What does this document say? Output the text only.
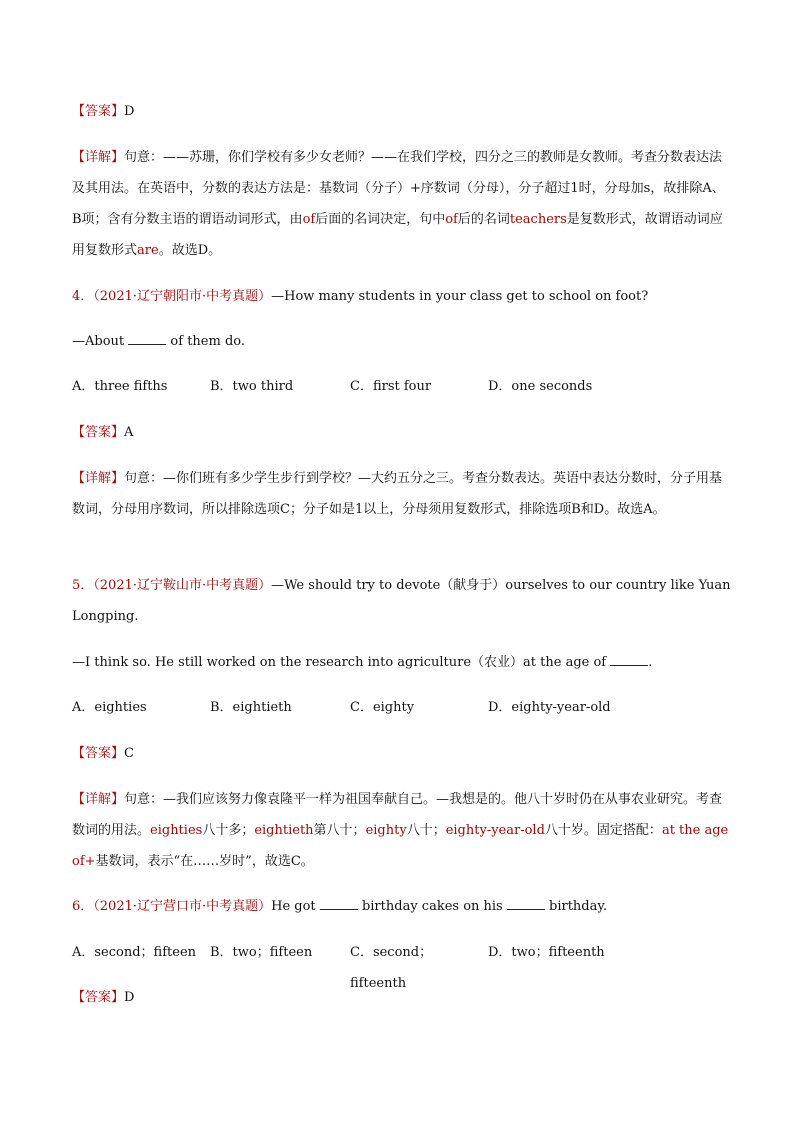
【答案】D
【详解】句意：——苏珊，你们学校有多少女老师？——在我们学校，四分之三的教师是女教师。考查分数表达法及其用法。在英语中，分数的表达方法是：基数词（分子）+序数词（分母），分子超过1时，分母加s，故排除A、B项；含有分数主语的谓语动词形式，由of后面的名词决定，句中of后的名词teachers是复数形式，故谓语动词应用复数形式are。故选D。
4．（2021·辽宁朝阳市·中考真题）—How many students in your class get to school on foot?
—About	of them do.
A．three fifths	B．two third	C．first four	D．one seconds
【答案】A
【详解】句意：—你们班有多少学生步行到学校？—大约五分之三。考查分数表达。英语中表达分数时，分子用基数词，分母用序数词，所以排除选项C；分子如是1以上，分母须用复数形式，排除选项B和D。故选A。
5．（2021·辽宁鞍山市·中考真题）—We should try to devote（献身于）ourselves to our country like Yuan Longping.
—I think so. He still worked on the research into agriculture（农业）at the age of	.
A．eighties	B．eightieth	C．eighty	D．eighty-year-old
【答案】C
【详解】句意：—我们应该努力像袁隆平一样为祖国奉献自己。—我想是的。他八十岁时仍在从事农业研究。考查数词的用法。eighties八十多；eightieth第八十；eighty八十；eighty-year-old八十岁。固定搭配：at the age of+基数词，表示“在……岁时”，故选C。
6．（2021·辽宁营口市·中考真题）He got	birthday cakes on his	birthday.
A．second；fifteen	B．two；fifteen	C．second；fifteenth
D．two；fifteenth
【答案】D
